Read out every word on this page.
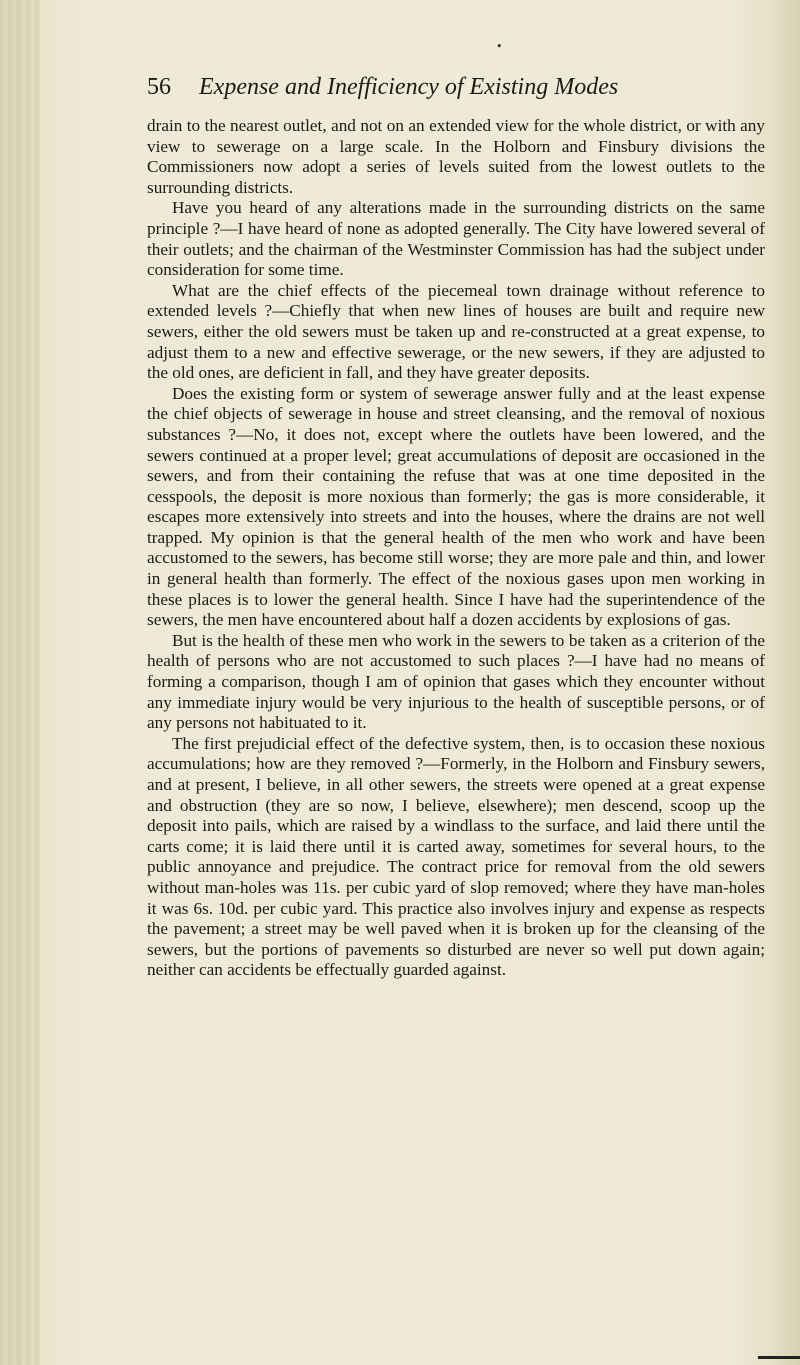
•
56 Expense and Inefficiency of Existing Modes

drain to the nearest outlet, and not on an extended view for the whole district, or with any view to sewerage on a large scale. In the Holborn and Finsbury divisions the Commissioners now adopt a series of levels suited from the lowest outlets to the surrounding districts.

Have you heard of any alterations made in the surrounding districts on the same principle ?—I have heard of none as adopted generally. The City have lowered several of their outlets; and the chairman of the Westminster Commission has had the subject under consideration for some time.

What are the chief effects of the piecemeal town drainage without reference to extended levels ?—Chiefly that when new lines of houses are built and require new sewers, either the old sewers must be taken up and re-constructed at a great expense, to adjust them to a new and effective sewerage, or the new sewers, if they are adjusted to the old ones, are deficient in fall, and they have greater deposits.

Does the existing form or system of sewerage answer fully and at the least expense the chief objects of sewerage in house and street cleansing, and the removal of noxious substances ?—No, it does not, except where the outlets have been lowered, and the sewers continued at a proper level; great accumulations of deposit are occasioned in the sewers, and from their containing the refuse that was at one time deposited in the cesspools, the deposit is more noxious than formerly; the gas is more considerable, it escapes more extensively into streets and into the houses, where the drains are not well trapped. My opinion is that the general health of the men who work and have been accustomed to the sewers, has become still worse; they are more pale and thin, and lower in general health than formerly. The effect of the noxious gases upon men working in these places is to lower the general health. Since I have had the superintendence of the sewers, the men have encountered about half a dozen accidents by explosions of gas.

But is the health of these men who work in the sewers to be taken as a criterion of the health of persons who are not accustomed to such places ?—I have had no means of forming a comparison, though I am of opinion that gases which they encounter without any immediate injury would be very injurious to the health of susceptible persons, or of any persons not habituated to it.

The first prejudicial effect of the defective system, then, is to occasion these noxious accumulations; how are they removed ?—Formerly, in the Holborn and Finsbury sewers, and at present, I believe, in all other sewers, the streets were opened at a great expense and obstruction (they are so now, I believe, elsewhere); men descend, scoop up the deposit into pails, which are raised by a windlass to the surface, and laid there until the carts come; it is laid there until it is carted away, sometimes for several hours, to the public annoyance and prejudice. The contract price for removal from the old sewers without man-holes was 11s. per cubic yard of slop removed; where they have man-holes it was 6s. 10d. per cubic yard. This practice also involves injury and expense as respects the pavement; a street may be well paved when it is broken up for the cleansing of the sewers, but the portions of pavements so disturbed are never so well put down again; neither can accidents be effectually guarded against.
